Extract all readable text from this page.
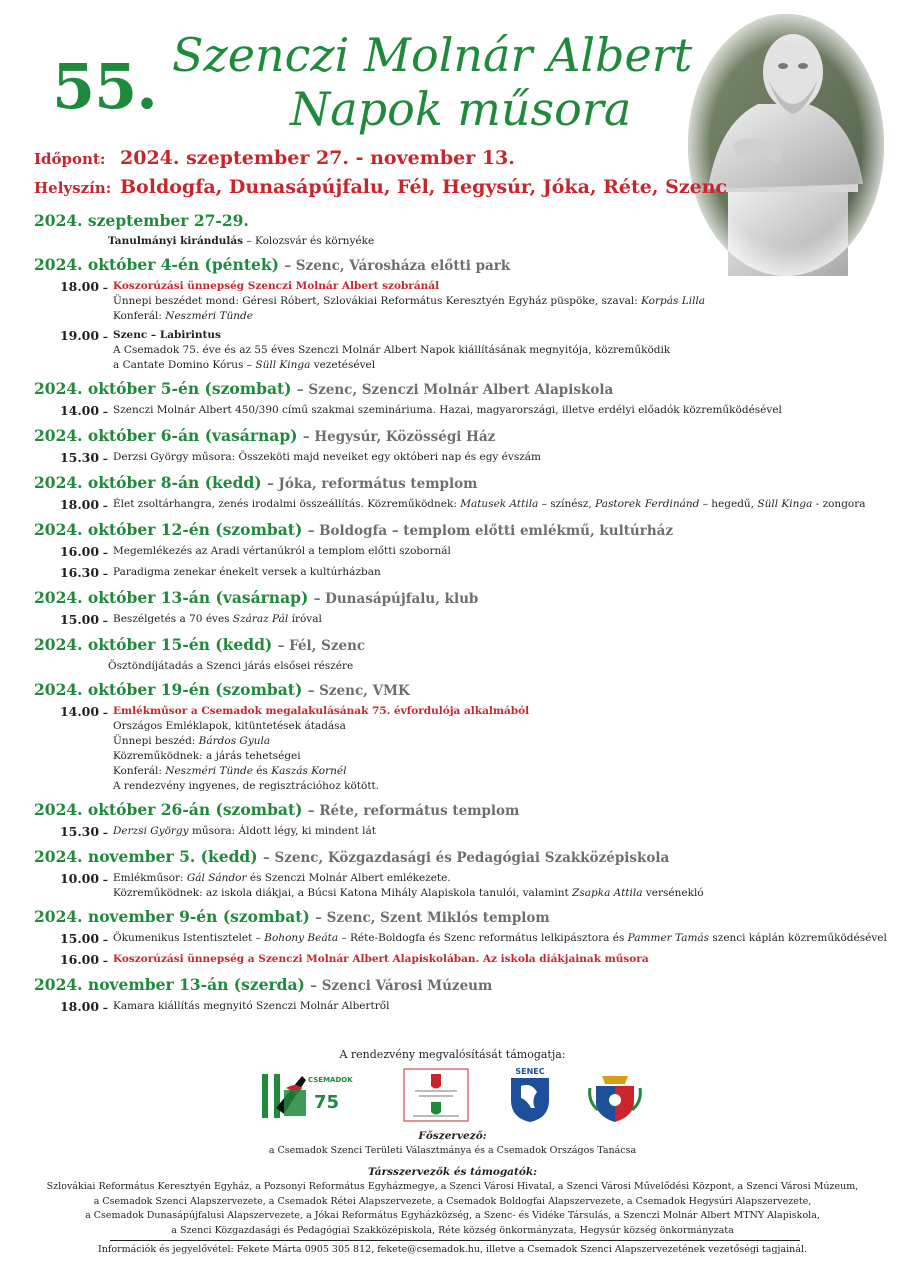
55. Szenczi Molnár Albert
Napok műsora
Időpont: 2024. szeptember 27. - november 13.
Helyszín: Boldogfa, Dunasápújfalu, Fél, Hegysúr, Jóka, Réte, Szenc
2024. szeptember 27-29.
Tanulmányi kirándulás – Kolozsvár és környéke
2024. október 4-én (péntek) – Szenc, Városháza előtti park
18.00 – Koszorúzási ünnepség Szenczi Molnár Albert szobránál
Ünnepi beszédet mond: Géresi Róbert, Szlovákiai Református Keresztyén Egyház püspöke, szaval: Korpás Lilla
Konferál: Neszméri Tünde
19.00 – Szenc – Labirintus
A Csemadok 75. éve és az 55 éves Szenczi Molnár Albert Napok kiállításának megnyitója, közreműködik
a Cantate Domino Kórus – Süll Kinga vezetésével
2024. október 5-én (szombat) – Szenc, Szenczi Molnár Albert Alapiskola
14.00 – Szenczi Molnár Albert 450/390 című szakmai szemináriuma. Hazai, magyarországi, illetve erdélyi előadók közreműködésével
2024. október 6-án (vasárnap) – Hegysúr, Közösségi Ház
15.30 – Derzsi György műsora: Összeköti majd neveiket egy októberi nap és egy évszám
2024. október 8-án (kedd) – Jóka, református templom
18.00 – Élet zsoltárhangra, zenés irodalmi összeállítás. Közreműködnek: Matusek Attila – színész, Pastorek Ferdinánd – hegedű, Süll Kinga - zongora
2024. október 12-én (szombat) – Boldogfa – templom előtti emlékmű, kultúrház
16.00 – Megemlékezés az Aradi vértanúkról a templom előtti szobornál
16.30 – Paradigma zenekar énekelt versek a kultúrházban
2024. október 13-án (vasárnap) – Dunasápújfalu, klub
15.00 – Beszélgetés a 70 éves Száraz Pál íróval
2024. október 15-én (kedd) – Fél, Szenc
Ösztöndíjátadás a Szenci járás elsősei részére
2024. október 19-én (szombat) – Szenc, VMK
14.00 – Emlékműsor a Csemadok megalakulásának 75. évfordulója alkalmából
Országos Emléklapok, kitüntetések átadása
Ünnepi beszéd: Bárdos Gyula
Közreműködnek: a járás tehetségei
Konferál: Neszméri Tünde és Kaszás Kornél
A rendezvény ingyenes, de regisztrációhoz kötött.
2024. október 26-án (szombat) – Réte, református templom
15.30 – Derzsi György műsora: Áldott légy, ki mindent lát
2024. november 5. (kedd) – Szenc, Közgazdasági és Pedagógiai Szakközépiskola
10.00 – Emlékműsor: Gál Sándor és Szenczi Molnár Albert emlékezete.
Közreműködnek: az iskola diákjai, a Búcsi Katona Mihály Alapiskola tanulói, valamint Zsapka Attila versénekló
2024. november 9-én (szombat) – Szenc, Szent Miklós templom
15.00 – Ökumenikus Istentisztelet – Bohony Beáta – Réte-Boldogfa és Szenc református lelkipásztora és Pammer Tamás szenci káplán közreműködésével
16.00 – Koszorúzási ünnepség a Szenczi Molnár Albert Alapiskolában. Az iskola diákjainak műsora
2024. november 13-án (szerda) – Szenci Városi Múzeum
18.00 – Kamara kiállítás megnyitó Szenczi Molnár Albertről
A rendezvény megvalósítását támogatja:
CSEMADOK
75
SENEC
Főszervező:
a Csemadok Szenci Területi Választmánya és a Csemadok Országos Tanácsa
Társszervezők és támogatók:
Szlovákiai Református Keresztyén Egyház, a Pozsonyi Református Egyházmegye, a Szenci Városi Hivatal, a Szenci Városi Művelődési Központ, a Szenci Városi Múzeum,
a Csemadok Szenci Alapszervezete, a Csemadok Rétei Alapszervezete, a Csemadok Boldogfai Alapszervezete, a Csemadok Hegysúri Alapszervezete,
a Csemadok Dunasápújfalusi Alapszervezete, a Jókai Református Egyházközség, a Szenc- és Vidéke Társulás, a Szenczi Molnár Albert MTNY Alapiskola,
a Szenci Közgazdasági és Pedagógiai Szakközépiskola, Réte község önkormányzata, Hegysúr község önkormányzata
Információk és jegyelővétel: Fekete Márta 0905 305 812, fekete@csemadok.hu, illetve a Csemadok Szenci Alapszervezetének vezetőségi tagjainál.
